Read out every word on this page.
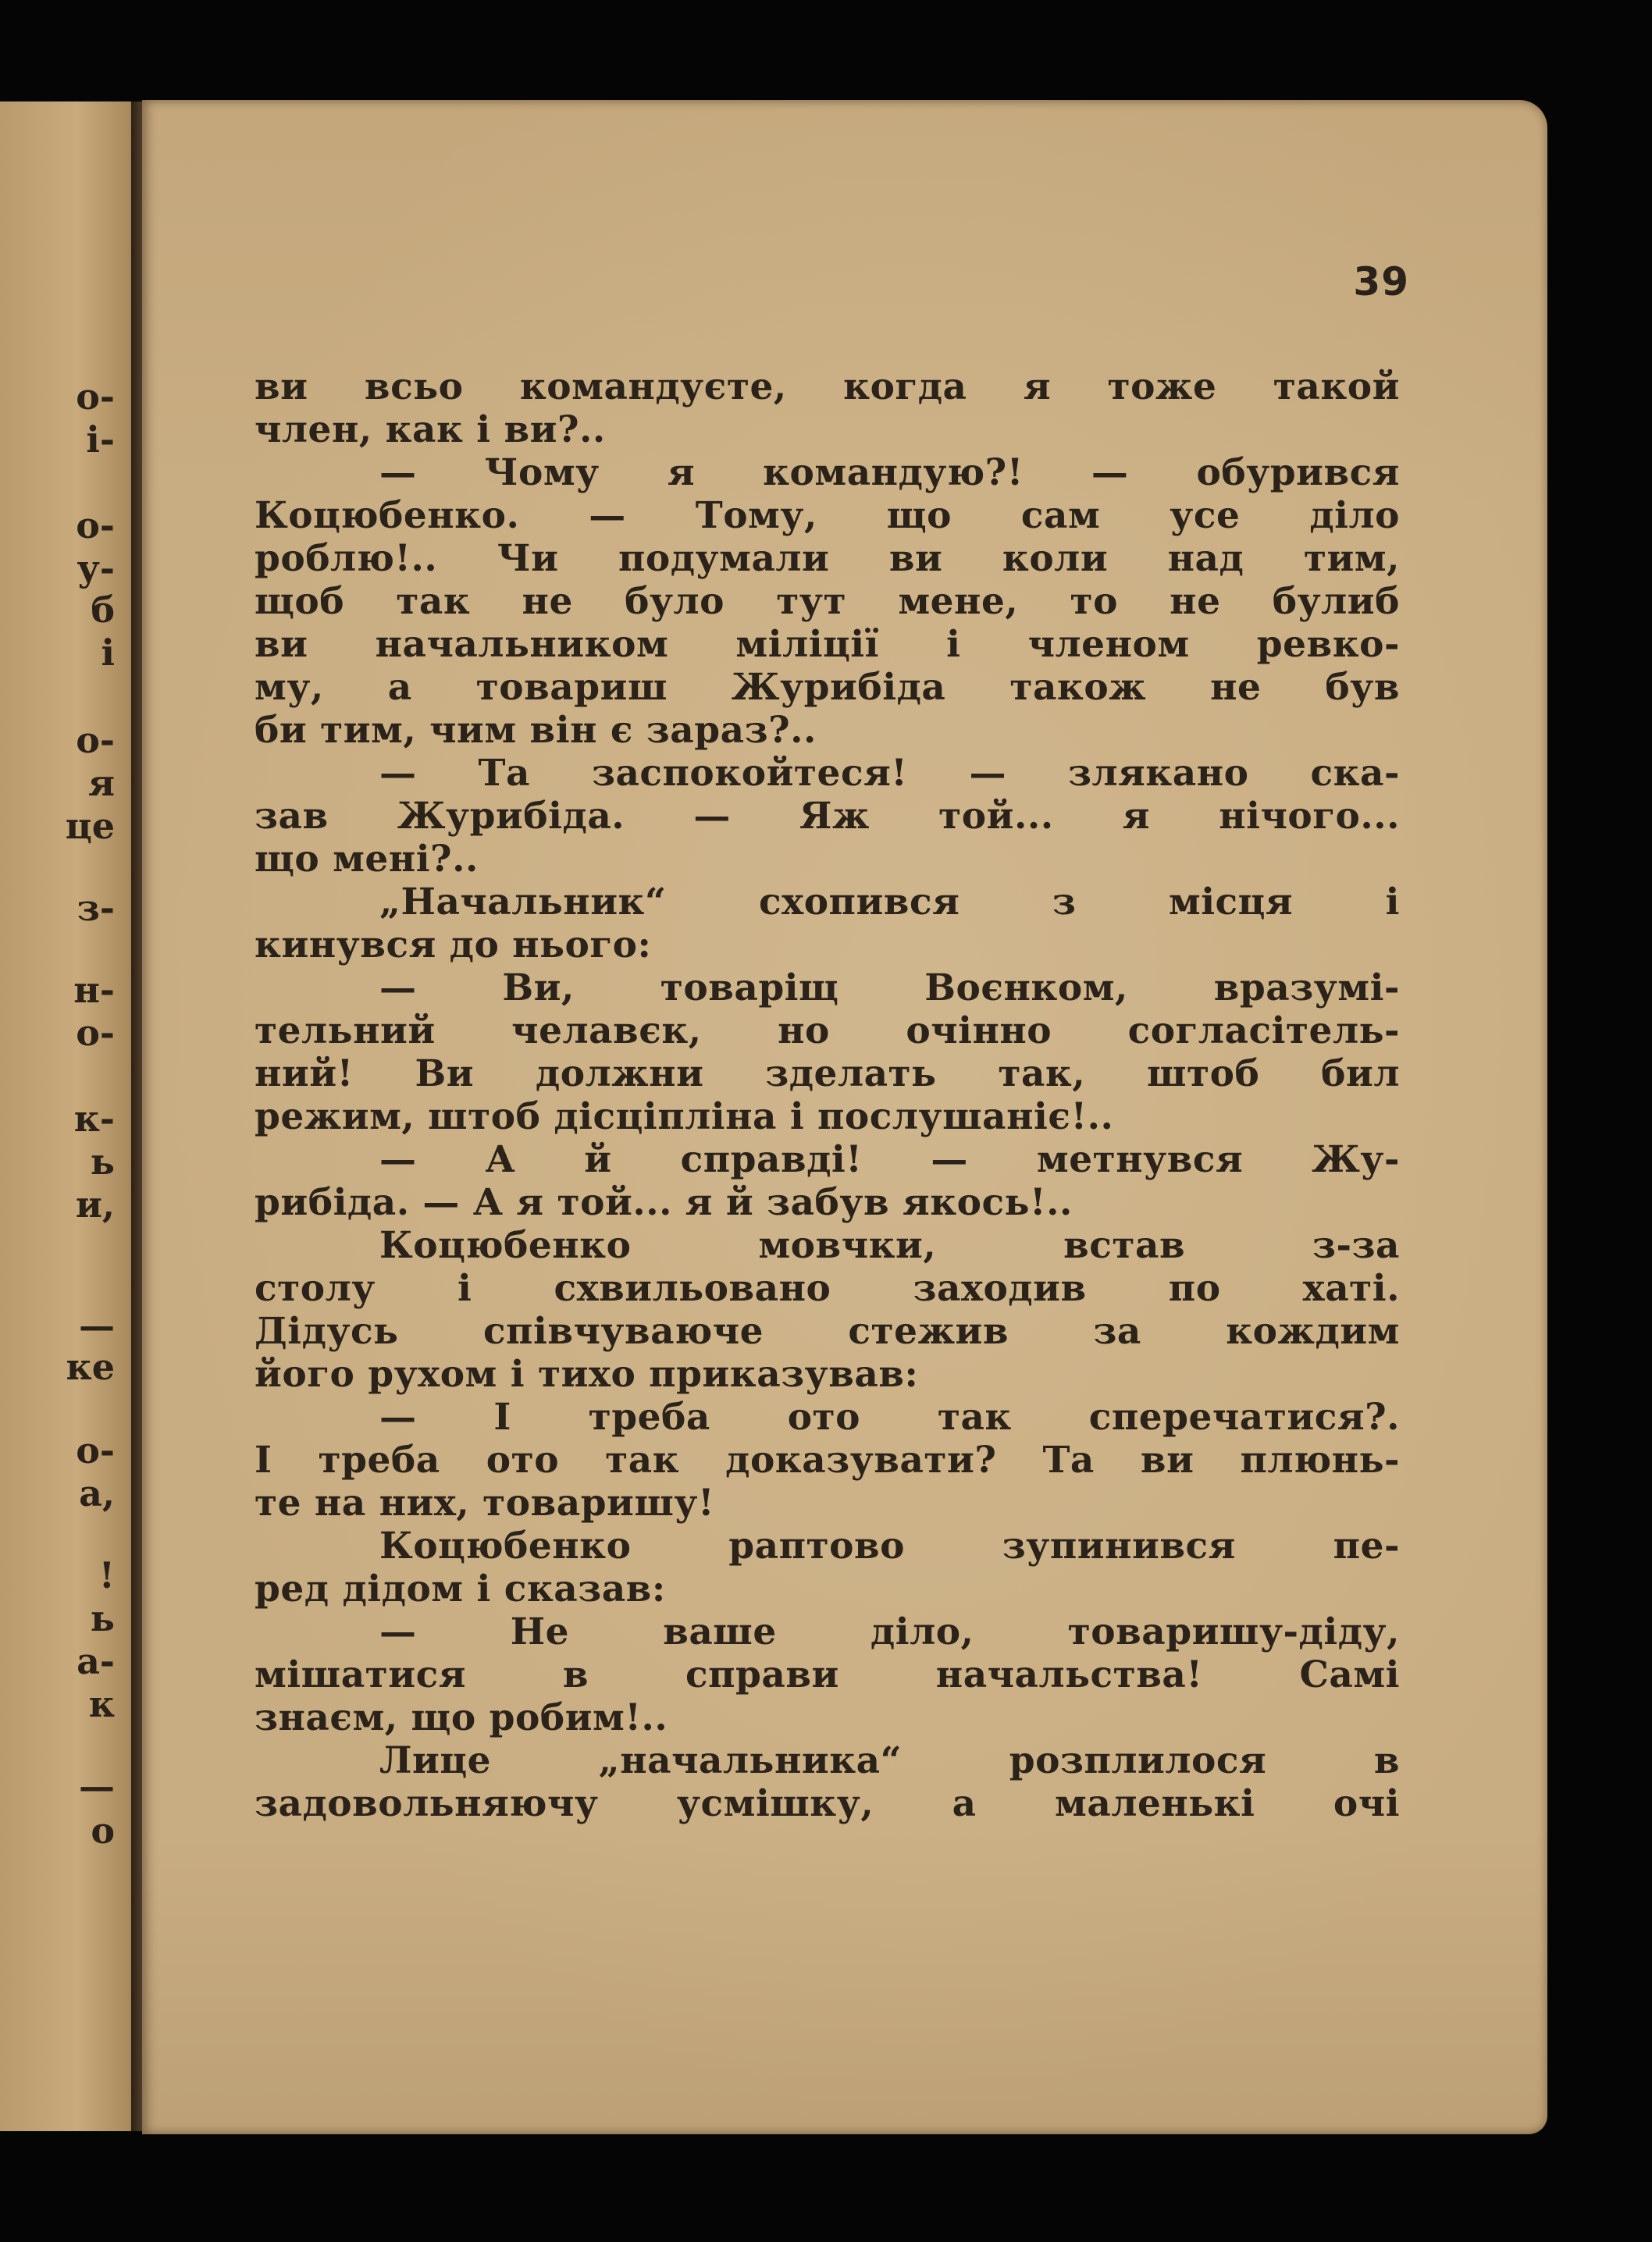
о-
і-
о-
у-
б
і
о-
я
це
з-
н-
о-
к-
ь
и,
—
ке
о-
а,
!
ь
а-
к
—
о
39
ви всьо командуєте, когда я тоже такой
член, как і ви?..
— Чому я командую?! — обурився
Коцюбенко. — Тому, що сам усе діло
роблю!.. Чи подумали ви коли над тим,
щоб так не було тут мене, то не булиб
ви начальником міліції і членом ревко-
му, а товариш Журибіда також не був
би тим, чим він є зараз?..
— Та заспокойтеся! — злякано ска-
зав Журибіда. — Яж той... я нічого...
що мені?..
„Начальник“ схопився з місця і
кинувся до нього:
— Ви, товаріщ Воєнком, вразумі-
тельний челавєк, но очінно согласітель-
ний! Ви должни зделать так, штоб бил
режим, штоб дісціпліна і послушаніє!..
— А й справді! — метнувся Жу-
рибіда. — А я той... я й забув якось!..
Коцюбенко мовчки, встав з-за
столу і схвильовано заходив по хаті.
Дідусь співчуваюче стежив за кождим
його рухом і тихо приказував:
— І треба ото так сперечатися?.
І треба ото так доказувати? Та ви плюнь-
те на них, товаришу!
Коцюбенко раптово зупинився пе-
ред дідом і сказав:
— Не ваше діло, товаришу-діду,
мішатися в справи начальства! Самі
знаєм, що робим!..
Лице „начальника“ розплилося в
задовольняючу усмішку, а маленькі очі
